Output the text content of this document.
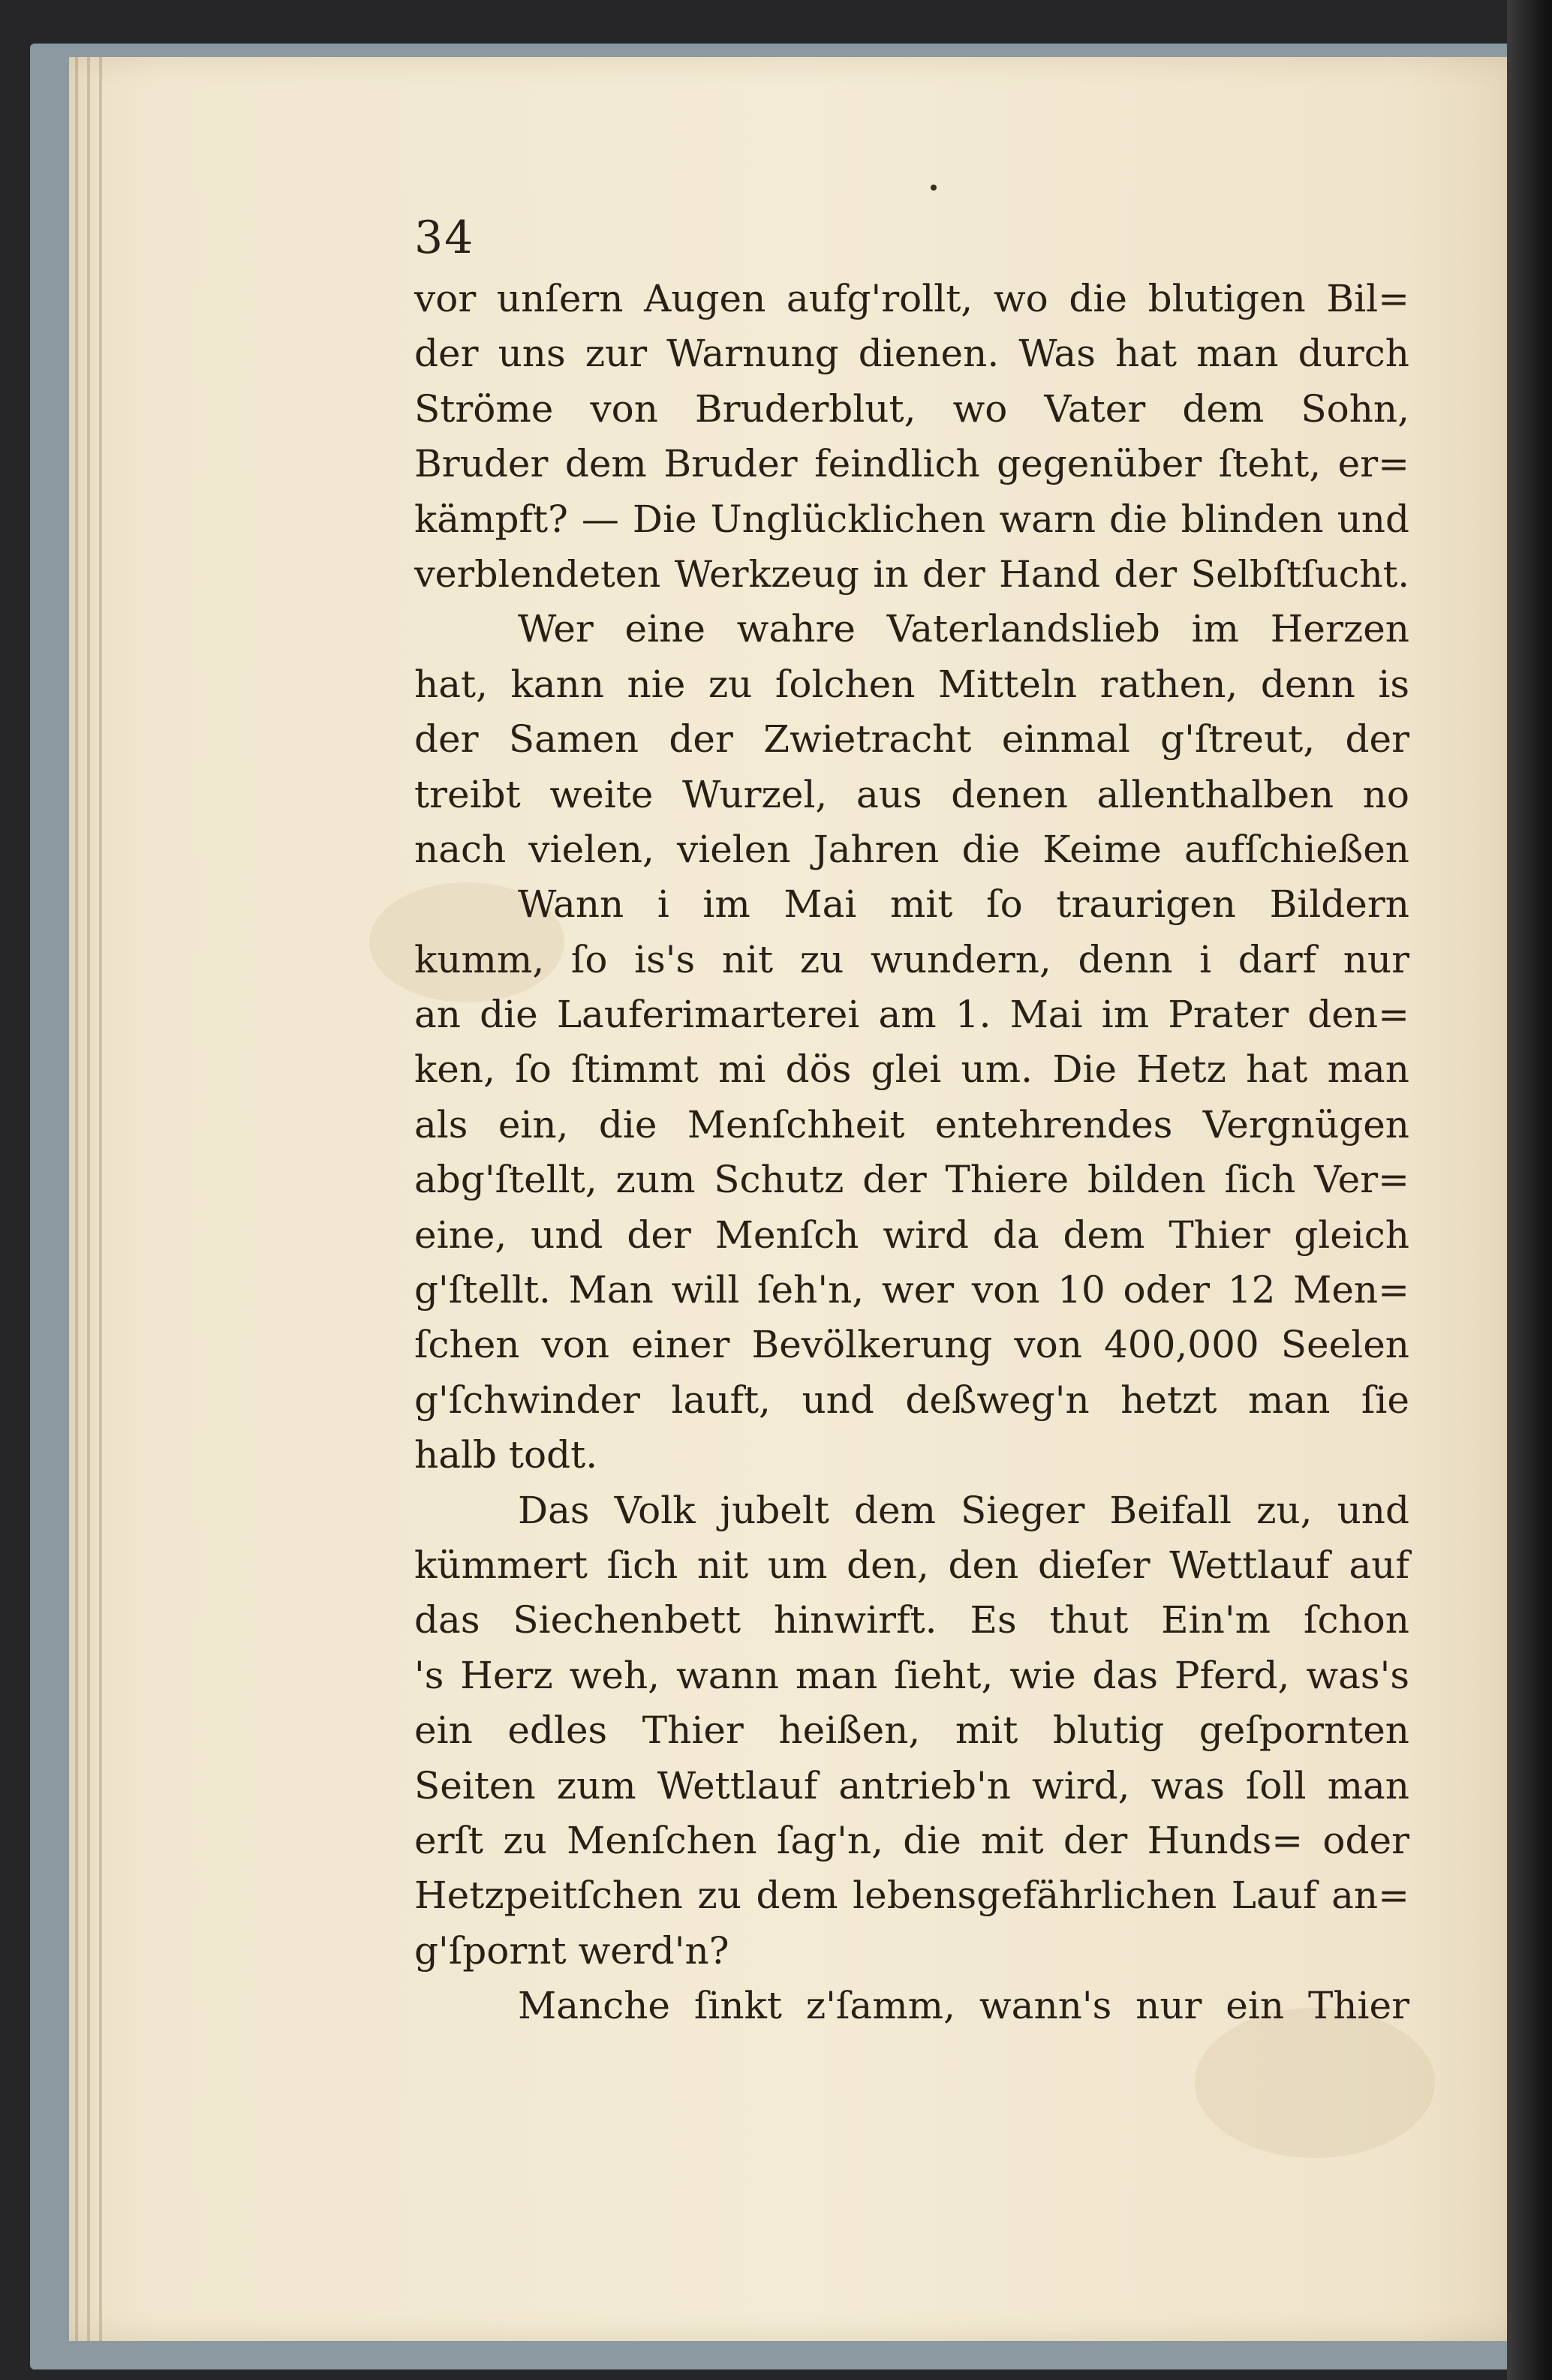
34
vor unſern Augen aufg'rollt, wo die blutigen Bil=
der uns zur Warnung dienen. Was hat man durch
Ströme von Bruderblut, wo Vater dem Sohn,
Bruder dem Bruder feindlich gegenüber ſteht, er=
kämpft? — Die Unglücklichen warn die blinden und
verblendeten Werkzeug in der Hand der Selbſtſucht.
Wer eine wahre Vaterlandslieb im Herzen
hat, kann nie zu ſolchen Mitteln rathen, denn is
der Samen der Zwietracht einmal g'ſtreut, der
treibt weite Wurzel, aus denen allenthalben no
nach vielen, vielen Jahren die Keime aufſchießen
Wann i im Mai mit ſo traurigen Bildern
kumm, ſo is's nit zu wundern, denn i darf nur
an die Lauferimarterei am 1. Mai im Prater den=
ken, ſo ſtimmt mi dös glei um. Die Hetz hat man
als ein, die Menſchheit entehrendes Vergnügen
abg'ſtellt, zum Schutz der Thiere bilden ſich Ver=
eine, und der Menſch wird da dem Thier gleich
g'ſtellt. Man will ſeh'n, wer von 10 oder 12 Men=
ſchen von einer Bevölkerung von 400,000 Seelen
g'ſchwinder lauft, und deßweg'n hetzt man ſie
halb todt.
Das Volk jubelt dem Sieger Beifall zu, und
kümmert ſich nit um den, den dieſer Wettlauf auf
das Siechenbett hinwirft. Es thut Ein'm ſchon
's Herz weh, wann man ſieht, wie das Pferd, was's
ein edles Thier heißen, mit blutig geſpornten
Seiten zum Wettlauf antrieb'n wird, was ſoll man
erſt zu Menſchen ſag'n, die mit der Hunds= oder
Hetzpeitſchen zu dem lebensgefährlichen Lauf an=
g'ſpornt werd'n?
Manche ſinkt z'ſamm, wann's nur ein Thier
